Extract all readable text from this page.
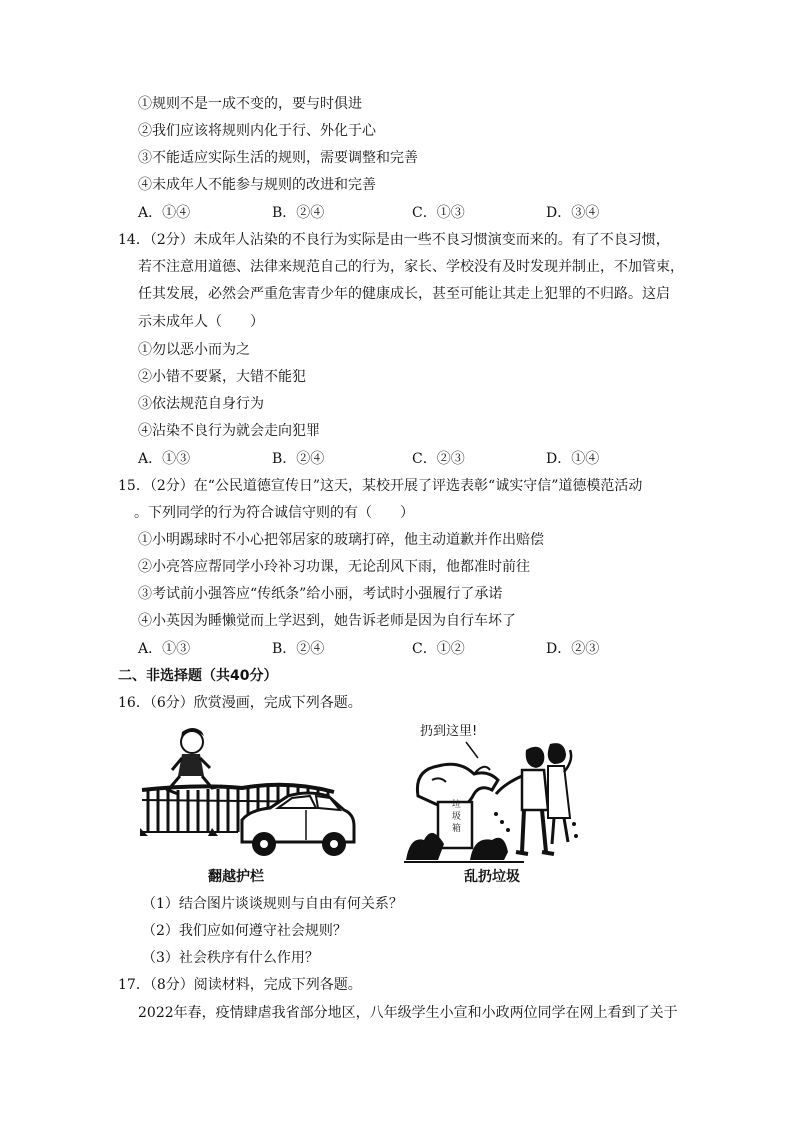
①规则不是一成不变的，要与时俱进
②我们应该将规则内化于行、外化于心
③不能适应实际生活的规则，需要调整和完善
④未成年人不能参与规则的改进和完善
A．①④	B．②④	C．①③	D．③④
14．（2分）未成年人沾染的不良行为实际是由一些不良习惯演变而来的。有了不良习惯，
若不注意用道德、法律来规范自己的行为，家长、学校没有及时发现并制止，不加管束，
任其发展，必然会严重危害青少年的健康成长，甚至可能让其走上犯罪的不归路。这启
示未成年人（　　）
①勿以恶小而为之
②小错不要紧，大错不能犯
③依法规范自身行为
④沾染不良行为就会走向犯罪
A．①③	B．②④	C．②③	D．①④
15．（2分）在“公民道德宣传日”这天，某校开展了评选表彰“诚实守信”道德模范活动
。下列同学的行为符合诚信守则的有（　　）
①小明踢球时不小心把邻居家的玻璃打碎，他主动道歉并作出赔偿
②小亮答应帮同学小玲补习功课，无论刮风下雨，他都准时前往
③考试前小强答应“传纸条”给小丽，考试时小强履行了承诺
④小英因为睡懒觉而上学迟到，她告诉老师是因为自行车坏了
A．①③	B．②④	C．①②	D．②③
二、非选择题（共40分）
16．（6分）欣赏漫画，完成下列各题。
翻越护栏
扔到这里!
垃
圾
箱
乱扔垃圾
（1）结合图片谈谈规则与自由有何关系？
（2）我们应如何遵守社会规则？
（3）社会秩序有什么作用？
17．（8分）阅读材料，完成下列各题。
2022年春，疫情肆虐我省部分地区，八年级学生小宣和小政两位同学在网上看到了关于
